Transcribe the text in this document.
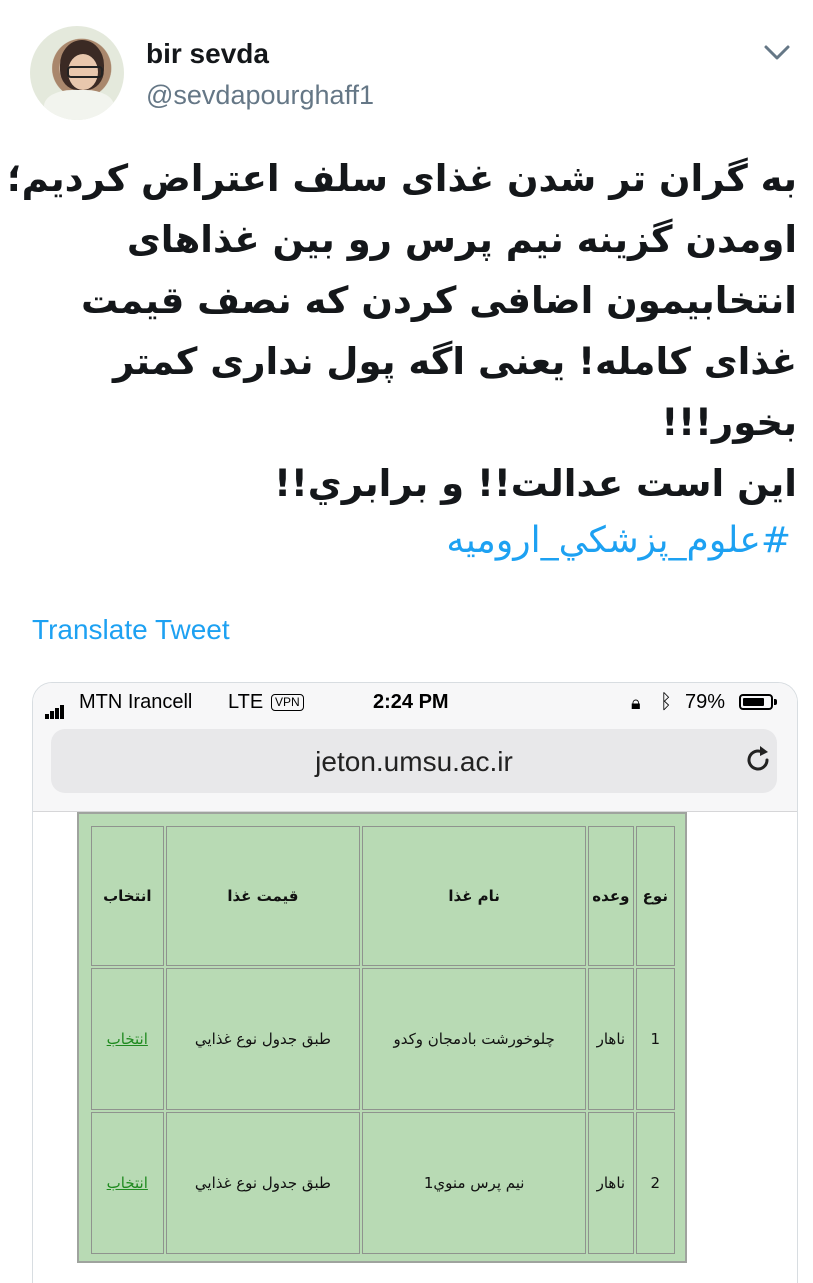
bir sevda
@sevdapourghaff1
به گران تر شدن غذای سلف اعتراض کردیم؛
اومدن گزینه نیم پرس رو بین غذاهای
انتخابیمون اضافی کردن که نصف قیمت
غذای کامله! یعنی اگه پول نداری کمتر
بخور!!!
این است عدالت!! و برابري!!
#علوم_پزشكي_اروميه
Translate Tweet
MTN Irancell LTE VPN	2:24 PM	🔒︎ ᛒ 79%
jeton.umsu.ac.ir
نوع	وعده	نام غذا	قیمت غذا	انتخاب
1	ناهار	چلوخورشت بادمجان وکدو	طبق جدول نوع غذايي	انتخاب
2	ناهار	نیم پرس منوي1	طبق جدول نوع غذايي	انتخاب
